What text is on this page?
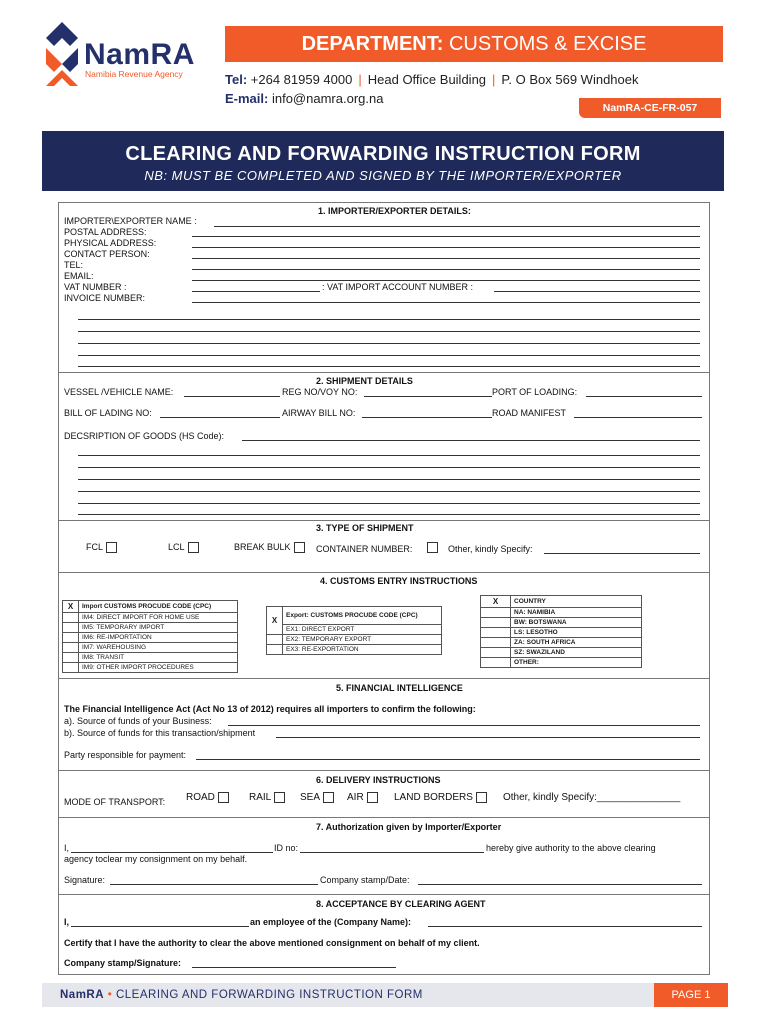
NamRA
Namibia Revenue Agency
DEPARTMENT: CUSTOMS & EXCISE
Tel: +264 81959 4000 | Head Office Building | P. O Box 569 Windhoek
E-mail: info@namra.org.na
NamRA-CE-FR-057
CLEARING AND FORWARDING INSTRUCTION FORM
NB: MUST BE COMPLETED AND SIGNED BY THE IMPORTER/EXPORTER
1. IMPORTER/EXPORTER DETAILS:
IMPORTER\EXPORTER NAME :
POSTAL ADDRESS:
PHYSICAL ADDRESS:
CONTACT PERSON:
TEL:
EMAIL:
VAT NUMBER :	: VAT IMPORT ACCOUNT NUMBER :
INVOICE NUMBER:
2. SHIPMENT DETAILS
VESSEL /VEHICLE NAME:	REG NO/VOY NO:	PORT OF LOADING:
BILL OF LADING NO:	AIRWAY BILL NO:	ROAD MANIFEST
DECSRIPTION OF GOODS (HS Code):
3. TYPE OF SHIPMENT
FCL	LCL	BREAK BULK	CONTAINER NUMBER:	Other, kindly Specify:
4. CUSTOMS ENTRY INSTRUCTIONS
X	Import CUSTOMS PROCUDE CODE (CPC)
	IM4: DIRECT IMPORT FOR HOME USE
	IM5: TEMPORARY IMPORT
	IM6: RE-IMPORTATION
	IM7: WAREHOUSING
	IM8: TRANSIT
	IM9: OTHER IMPORT PROCEDURES
X	Export: CUSTOMS PROCUDE CODE (CPC)
	EX1: DIRECT EXPORT
	EX2: TEMPORARY EXPORT
	EX3: RE-EXPORTATION
X	COUNTRY
	NA: NAMIBIA
	BW: BOTSWANA
	LS: LESOTHO
	ZA: SOUTH AFRICA
	SZ: SWAZILAND
	OTHER:
5. FINANCIAL INTELLIGENCE
The Financial Intelligence Act (Act No 13 of 2012) requires all importers to confirm the following:
a). Source of funds of your Business:
b). Source of funds for this transaction/shipment
Party responsible for payment:
6. DELIVERY INSTRUCTIONS
MODE OF TRANSPORT: ROAD	RAIL	SEA	AIR	LAND BORDERS	Other, kindly Specify:_______________
7. Authorization given by Importer/Exporter
I,	ID no:	hereby give authority to the above clearing
agency toclear my consignment on my behalf.
Signature:	Company stamp/Date:
8. ACCEPTANCE BY CLEARING AGENT
I,	an employee of the (Company Name):
Certify that I have the authority to clear the above mentioned consignment on behalf of my client.
Company stamp/Signature:
NamRA • CLEARING AND FORWARDING INSTRUCTION FORM	PAGE 1
